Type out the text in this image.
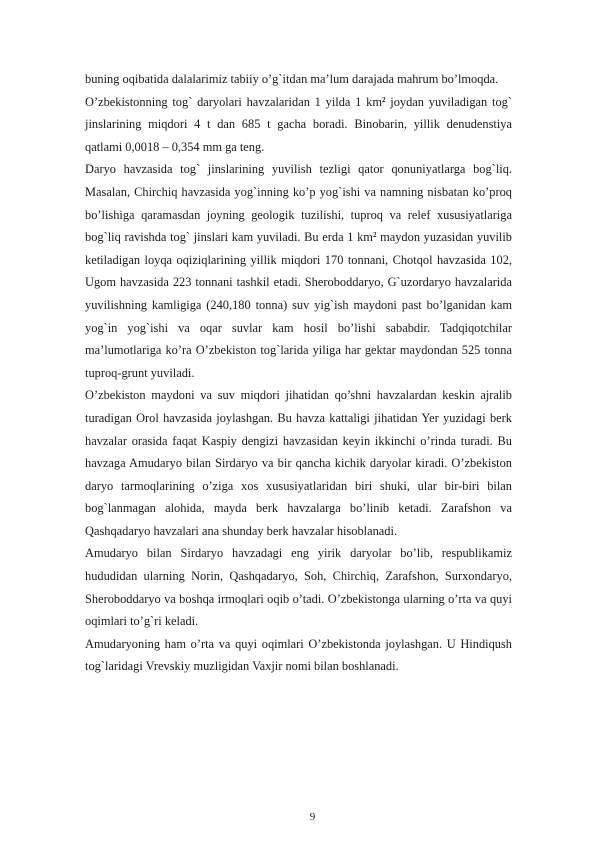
buning oqibatida dalalarimiz tabiiy o’g`itdan ma’lum darajada mahrum bo’lmoqda.

O’zbekistonning tog` daryolari havzalaridan 1 yilda 1 $km^2$ joydan yuviladigan tog` jinslarining miqdori 4 t dan 685 t gacha boradi. Binobarin, yillik denudenstiya qatlami 0,0018 – 0,354 mm ga teng.

Daryo havzasida tog` jinslarining yuvilish tezligi qator qonuniyatlarga bog`liq. Masalan, Chirchiq havzasida yog`inning ko’p yog`ishi va namning nisbatan ko’proq bo’lishiga qaramasdan joyning geologik tuzilishi, tuproq va relef xususiyatlariga bog`liq ravishda tog` jinslari kam yuviladi. Bu erda 1 $km^2$ maydon yuzasidan yuvilib ketiladigan loyqa oqiziqlarining yillik miqdori 170 tonnani, Chotqol havzasida 102, Ugom havzasida 223 tonnani tashkil etadi. Sheroboddaryo, G`uzordaryo havzalarida yuvilishning kamligiga (240,180 tonna) suv yig`ish maydoni past bo’lganidan kam yog`in yog`ishi va oqar suvlar kam hosil bo’lishi sababdir. Tadqiqotchilar ma’lumotlariga ko’ra O’zbekiston tog`larida yiliga har gektar maydondan 525 tonna tuproq-grunt yuviladi.

O’zbekiston maydoni va suv miqdori jihatidan qo’shni havzalardan keskin ajralib turadigan Orol havzasida joylashgan. Bu havza kattaligi jihatidan Yer yuzidagi berk havzalar orasida faqat Kaspiy dengizi havzasidan keyin ikkinchi o’rinda turadi. Bu havzaga Amudaryo bilan Sirdaryo va bir qancha kichik daryolar kiradi. O’zbekiston daryo tarmoqlarining o’ziga xos xususiyatlaridan biri shuki, ular bir-biri bilan bog`lanmagan alohida, mayda berk havzalarga bo’linib ketadi. Zarafshon va Qashqadaryo havzalari ana shunday berk havzalar hisoblanadi.

Amudaryo bilan Sirdaryo havzadagi eng yirik daryolar bo’lib, respublikamiz hududidan ularning Norin, Qashqadaryo, Soh, Chirchiq, Zarafshon, Surxondaryo, Sheroboddaryo va boshqa irmoqlari oqib o’tadi. O’zbekistonga ularning o’rta va quyi oqimlari to’g`ri keladi.

Amudaryoning ham o’rta va quyi oqimlari O’zbekistonda joylashgan. U Hindiqush tog`laridagi Vrevskiy muzligidan Vaxjir nomi bilan boshlanadi.

9
